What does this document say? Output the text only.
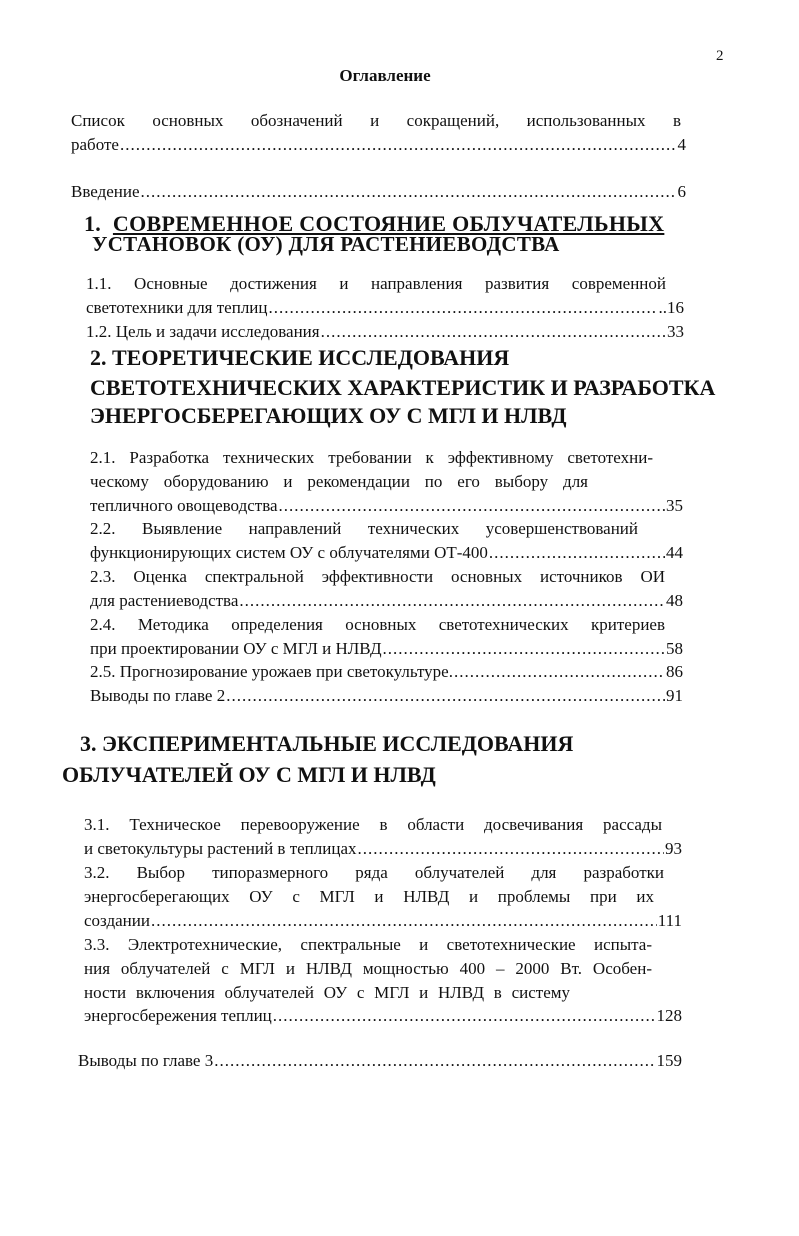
2
Оглавление
Список основных обозначений и сокращений, использованных в
работе .....	4
Введение .....	6
1. СОВРЕМЕННОЕ СОСТОЯНИЕ ОБЛУЧАТЕЛЬНЫХ
УСТАНОВОК (ОУ) ДЛЯ РАСТЕНИЕВОДСТВА
1.1. Основные достижения и направления развития современной
светотехники для теплиц .....	..16
1.2. Цель и задачи исследования .....	33
2. ТЕОРЕТИЧЕСКИЕ ИССЛЕДОВАНИЯ
СВЕТОТЕХНИЧЕСКИХ ХАРАКТЕРИСТИК И РАЗРАБОТКА
ЭНЕРГОСБЕРЕГАЮЩИХ ОУ С МГЛ И НЛВД
2.1. Разработка технических требовании к эффективному светотехни-
ческому оборудованию и рекомендации по его выбору для
тепличного овощеводства .....	35
2.2. Выявление направлений технических усовершенствований
функционирующих систем ОУ с облучателями ОТ-400 .....	44
2.3. Оценка спектральной эффективности основных источников ОИ
для растениеводства .....	48
2.4. Методика определения основных светотехнических критериев
при проектировании ОУ с МГЛ и НЛВД .....	58
2.5. Прогнозирование урожаев при светокультуре. .....	86
Выводы по главе 2 .....	91
3. ЭКСПЕРИМЕНТАЛЬНЫЕ ИССЛЕДОВАНИЯ
ОБЛУЧАТЕЛЕЙ ОУ С МГЛ И НЛВД
3.1. Техническое перевооружение в области досвечивания рассады
и светокультуры растений в теплицах .....	93
3.2. Выбор типоразмерного ряда облучателей для разработки
энергосберегающих ОУ с МГЛ и НЛВД и проблемы при их
создании .....	111
3.3. Электротехнические, спектральные и светотехнические испыта-
ния облучателей с МГЛ и НЛВД мощностью 400 – 2000 Вт. Особен-
ности включения облучателей ОУ с МГЛ и НЛВД в систему
энергосбережения теплиц .....	128
Выводы по главе 3 .....	159
